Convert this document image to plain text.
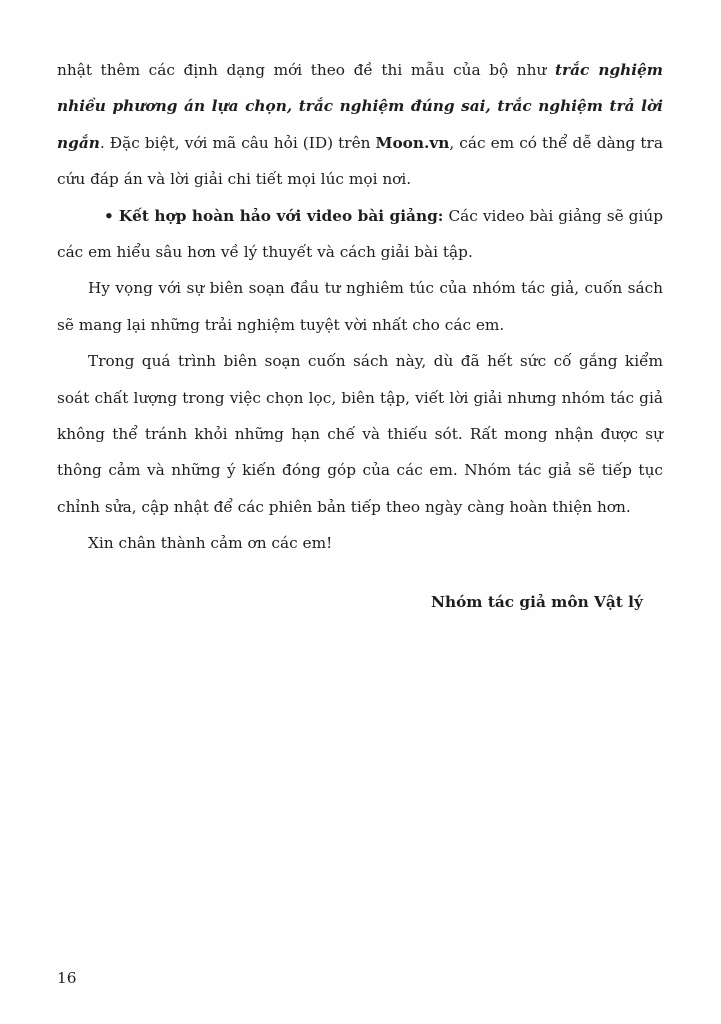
nhật thêm các định dạng mới theo đề thi mẫu của bộ như trắc nghiệm nhiều phương án lựa chọn, trắc nghiệm đúng sai, trắc nghiệm trả lời ngắn. Đặc biệt, với mã câu hỏi (ID) trên Moon.vn, các em có thể dễ dàng tra cứu đáp án và lời giải chi tiết mọi lúc mọi nơi.

• Kết hợp hoàn hảo với video bài giảng: Các video bài giảng sẽ giúp các em hiểu sâu hơn về lý thuyết và cách giải bài tập.

Hy vọng với sự biên soạn đầu tư nghiêm túc của nhóm tác giả, cuốn sách sẽ mang lại những trải nghiệm tuyệt vời nhất cho các em.

Trong quá trình biên soạn cuốn sách này, dù đã hết sức cố gắng kiểm soát chất lượng trong việc chọn lọc, biên tập, viết lời giải nhưng nhóm tác giả không thể tránh khỏi những hạn chế và thiếu sót. Rất mong nhận được sự thông cảm và những ý kiến đóng góp của các em. Nhóm tác giả sẽ tiếp tục chỉnh sửa, cập nhật để các phiên bản tiếp theo ngày càng hoàn thiện hơn.

Xin chân thành cảm ơn các em!

Nhóm tác giả môn Vật lý
16
